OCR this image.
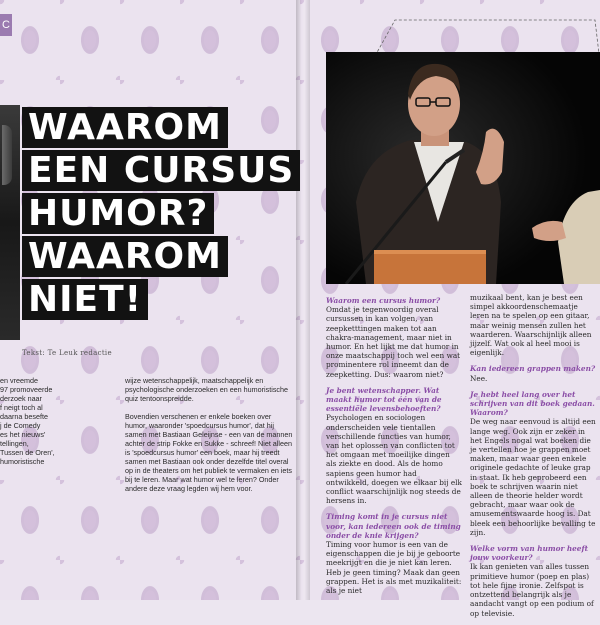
C
WAAROM
EEN CURSUS
HUMOR?
WAAROM
NIET!
Tekst: Te Leuk redactie
en vreemde
97 promoveerde
derzoek naar
f neigt toch al
daarna besefte
j de Comedy
es het nieuws'
tellingen,
Tussen de Oren',
humoristische

wijze wetenschappelijk, maatschappelijk en psychologische onderzoeken en een humoristische quiz tentoonspreidde.

Bovendien verschenen er enkele boeken over humor, waaronder 'spoedcursus humor', dat hij samen met Bastiaan Geleijnse - een van de mannen achter de strip Fokke en Sukke - schreef! Niet alleen is 'spoedcursus humor' een boek, maar hij treedt samen met Bastiaan ook onder dezelfde titel overal op in de theaters om het publiek te vermaken en iets bij te leren. Maar wat humor wel te leren? Onder andere deze vraag legden wij hem voor.

Waarom een cursus humor?
Omdat je tegenwoordig overal cursussen in kan volgen, van zeepketttingen maken tot aan chakra-management, maar niet in humor. En het lijkt me dat humor in onze maatschappij toch wel een wat prominentere rol inneemt dan de zeepketting. Dus: waarom niet?

Je bent wetenschapper. Wat maakt humor tot één van de essentiële levensbehoeften?
Psychologen en sociologen onderscheiden vele tientallen verschillende functies van humor, van het oplossen van conflicten tot het omgaan met moeilijke dingen als ziekte en dood. Als de homo sapiens geen humor had ontwikkeld, doegen we elkaar bij elk conflict waarschijnlijk nog steeds de hersens in.

Timing komt in je cursus niet voor, kan iedereen ook de timing onder de knie krijgen?
Timing voor humor is een van de eigenschappen die je bij je geboorte meekrijgt en die je niet kan leren. Heb je geen timing? Maak dan geen grappen. Het is als met muzikaliteit: als je niet

muzikaal bent, kan je best een simpel akkoordenschemaatje leren na te spelen op een gitaar, maar weinig mensen zullen het waarderen. Waarschijnlijk alleen jijzelf. Wat ook al heel mooi is eigenlijk.

Kan iedereen grappen maken?
Nee.

Je hebt heel lang over het schrijven van dit boek gedaan. Waarom?
De weg naar eenvoud is altijd een lange weg. Ook zijn er zeker in het Engels nogal wat boeken die je vertellen hoe je grappen moet maken, maar waar geen enkele originele gedachte of leuke grap in staat. Ik heb geprobeerd een boek te schrijven waarin niet alleen de theorie helder wordt gebracht, maar waar ook de amusementswaarde hoog is. Dat bleek een behoorlijke bevalling te zijn.

Welke vorm van humor heeft jouw voorkeur?
Ik kan genieten van alles tussen primitieve humor (poep en plas) tot hele fijne ironie. Zelfspot is ontzettend belangrijk als je aandacht vangt op een podium of op televisie.
